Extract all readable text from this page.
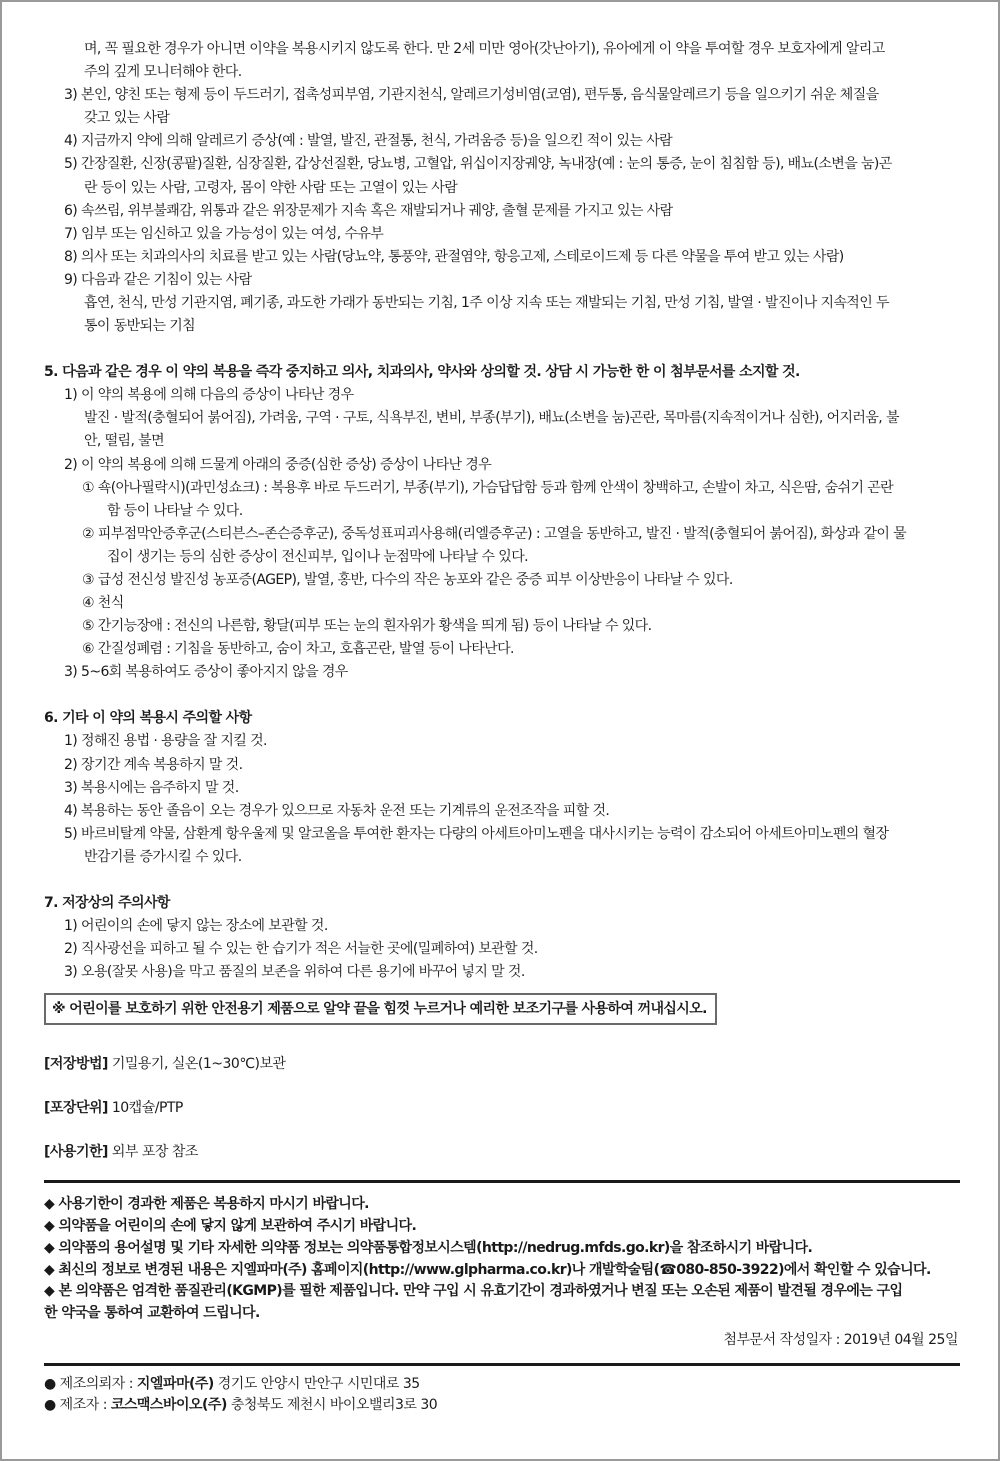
며, 꼭 필요한 경우가 아니면 이약을 복용시키지 않도록 한다. 만 2세 미만 영아(갓난아기), 유아에게 이 약을 투여할 경우 보호자에게 알리고
주의 깊게 모니터해야 한다.
3) 본인, 양친 또는 형제 등이 두드러기, 접촉성피부염, 기관지천식, 알레르기성비염(코염), 편두통, 음식물알레르기 등을 일으키기 쉬운 체질을
갖고 있는 사람
4) 지금까지 약에 의해 알레르기 증상(예 : 발열, 발진, 관절통, 천식, 가려움증 등)을 일으킨 적이 있는 사람
5) 간장질환, 신장(콩팥)질환, 심장질환, 갑상선질환, 당뇨병, 고혈압, 위십이지장궤양, 녹내장(예 : 눈의 통증, 눈이 침침함 등), 배뇨(소변을 눔)곤
란 등이 있는 사람, 고령자, 몸이 약한 사람 또는 고열이 있는 사람
6) 속쓰림, 위부불쾌감, 위통과 같은 위장문제가 지속 혹은 재발되거나 궤양, 출혈 문제를 가지고 있는 사람
7) 임부 또는 임신하고 있을 가능성이 있는 여성, 수유부
8) 의사 또는 치과의사의 치료를 받고 있는 사람(당뇨약, 통풍약, 관절염약, 항응고제, 스테로이드제 등 다른 약물을 투여 받고 있는 사람)
9) 다음과 같은 기침이 있는 사람
흡연, 천식, 만성 기관지염, 폐기종, 과도한 가래가 동반되는 기침, 1주 이상 지속 또는 재발되는 기침, 만성 기침, 발열 · 발진이나 지속적인 두
통이 동반되는 기침
5. 다음과 같은 경우 이 약의 복용을 즉각 중지하고 의사, 치과의사, 약사와 상의할 것. 상담 시 가능한 한 이 첨부문서를 소지할 것.
1) 이 약의 복용에 의해 다음의 증상이 나타난 경우
발진 · 발적(충혈되어 붉어짐), 가려움, 구역 · 구토, 식욕부진, 변비, 부종(부기), 배뇨(소변을 눔)곤란, 목마름(지속적이거나 심한), 어지러움, 불
안, 떨림, 불면
2) 이 약의 복용에 의해 드물게 아래의 중증(심한 증상) 증상이 나타난 경우
① 쇽(아나필락시)(과민성쇼크) : 복용후 바로 두드러기, 부종(부기), 가슴답답함 등과 함께 안색이 창백하고, 손발이 차고, 식은땀, 숨쉬기 곤란
함 등이 나타날 수 있다.
② 피부점막안증후군(스티븐스–존슨증후군), 중독성표피괴사용해(리엘증후군) : 고열을 동반하고, 발진 · 발적(충혈되어 붉어짐), 화상과 같이 물
집이 생기는 등의 심한 증상이 전신피부, 입이나 눈점막에 나타날 수 있다.
③ 급성 전신성 발진성 농포증(AGEP), 발열, 홍반, 다수의 작은 농포와 같은 중증 피부 이상반응이 나타날 수 있다.
④ 천식
⑤ 간기능장애 : 전신의 나른함, 황달(피부 또는 눈의 흰자위가 황색을 띄게 됨) 등이 나타날 수 있다.
⑥ 간질성폐렴 : 기침을 동반하고, 숨이 차고, 호흡곤란, 발열 등이 나타난다.
3) 5~6회 복용하여도 증상이 좋아지지 않을 경우
6. 기타 이 약의 복용시 주의할 사항
1) 정해진 용법 · 용량을 잘 지킬 것.
2) 장기간 계속 복용하지 말 것.
3) 복용시에는 음주하지 말 것.
4) 복용하는 동안 졸음이 오는 경우가 있으므로 자동차 운전 또는 기계류의 운전조작을 피할 것.
5) 바르비탈계 약물, 삼환계 항우울제 및 알코올을 투여한 환자는 다량의 아세트아미노펜을 대사시키는 능력이 감소되어 아세트아미노펜의 혈장
반감기를 증가시킬 수 있다.
7. 저장상의 주의사항
1) 어린이의 손에 닿지 않는 장소에 보관할 것.
2) 직사광선을 피하고 될 수 있는 한 습기가 적은 서늘한 곳에(밀폐하여) 보관할 것.
3) 오용(잘못 사용)을 막고 품질의 보존을 위하여 다른 용기에 바꾸어 넣지 말 것.
※ 어린이를 보호하기 위한 안전용기 제품으로 알약 끝을 힘껏 누르거나 예리한 보조기구를 사용하여 꺼내십시오.
[저장방법] 기밀용기, 실온(1~30℃)보관
[포장단위] 10캡슐/PTP
[사용기한] 외부 포장 참조
◆ 사용기한이 경과한 제품은 복용하지 마시기 바랍니다.
◆ 의약품을 어린이의 손에 닿지 않게 보관하여 주시기 바랍니다.
◆ 의약품의 용어설명 및 기타 자세한 의약품 정보는 의약품통합정보시스템(http://nedrug.mfds.go.kr)을 참조하시기 바랍니다.
◆ 최신의 정보로 변경된 내용은 지엘파마(주) 홈페이지(http://www.glpharma.co.kr)나 개발학술팀(☎080-850-3922)에서 확인할 수 있습니다.
◆ 본 의약품은 엄격한 품질관리(KGMP)를 필한 제품입니다. 만약 구입 시 유효기간이 경과하였거나 변질 또는 오손된 제품이 발견될 경우에는 구입
한 약국을 통하여 교환하여 드립니다.
첨부문서 작성일자 : 2019년 04월 25일
● 제조의뢰자 : 지엘파마(주) 경기도 안양시 만안구 시민대로 35
● 제조자 : 코스맥스바이오(주) 충청북도 제천시 바이오밸리3로 30
